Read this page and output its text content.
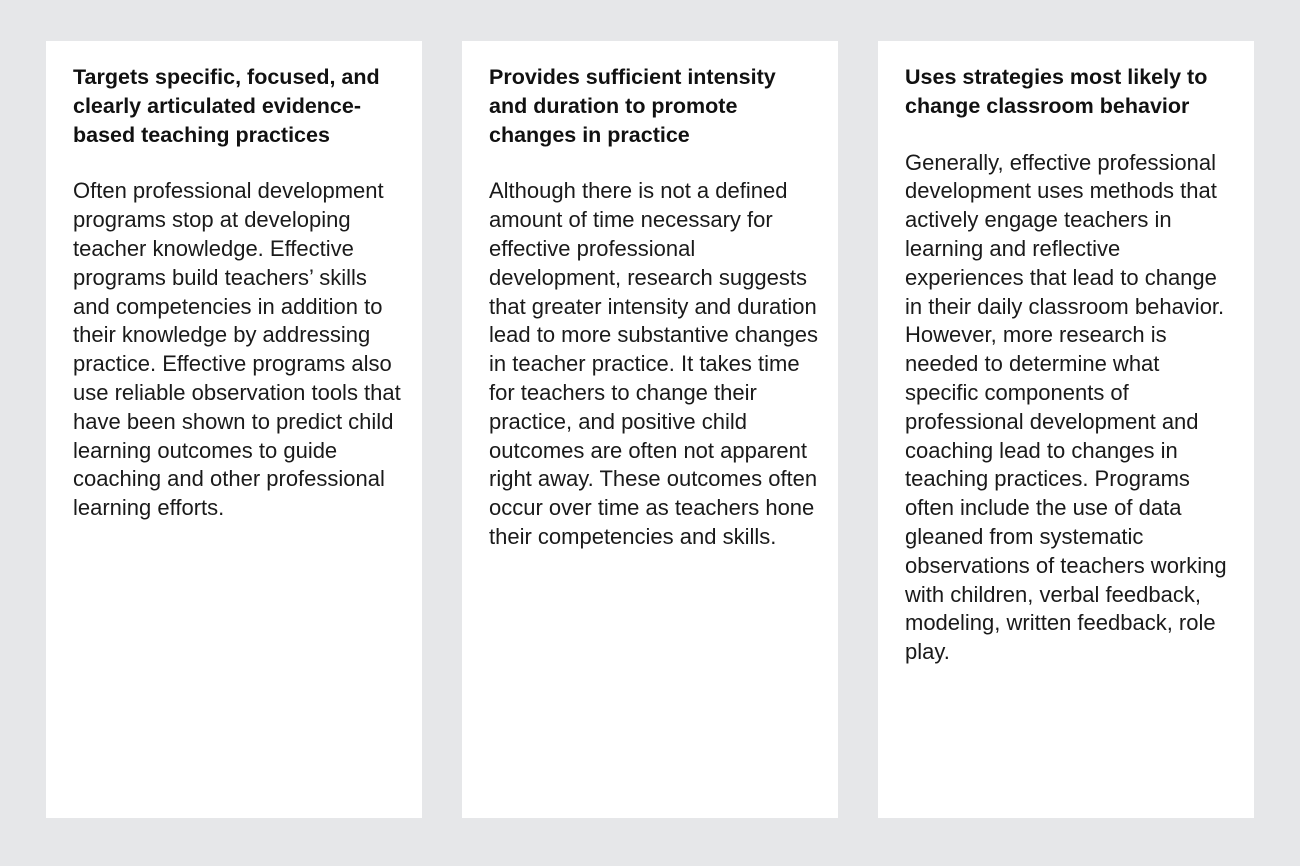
Targets specific, focused, and clearly articulated evidence-based teaching practices

Often professional development programs stop at developing teacher knowledge. Effective programs build teachers’ skills and competencies in addition to their knowledge by addressing practice. Effective programs also use reliable observation tools that have been shown to predict child learning outcomes to guide coaching and other professional learning efforts.

Provides sufficient intensity and duration to promote changes in practice

Although there is not a defined amount of time necessary for effective professional development, research suggests that greater intensity and duration lead to more substantive changes in teacher practice. It takes time for teachers to change their practice, and positive child outcomes are often not apparent right away. These outcomes often occur over time as teachers hone their competencies and skills.

Uses strategies most likely to change classroom behavior

Generally, effective professional development uses methods that actively engage teachers in learning and reflective experiences that lead to change in their daily classroom behavior. However, more research is needed to determine what specific components of professional development and coaching lead to changes in teaching practices. Programs often include the use of data gleaned from systematic observations of teachers working with children, verbal feedback, modeling, written feedback, role play.
